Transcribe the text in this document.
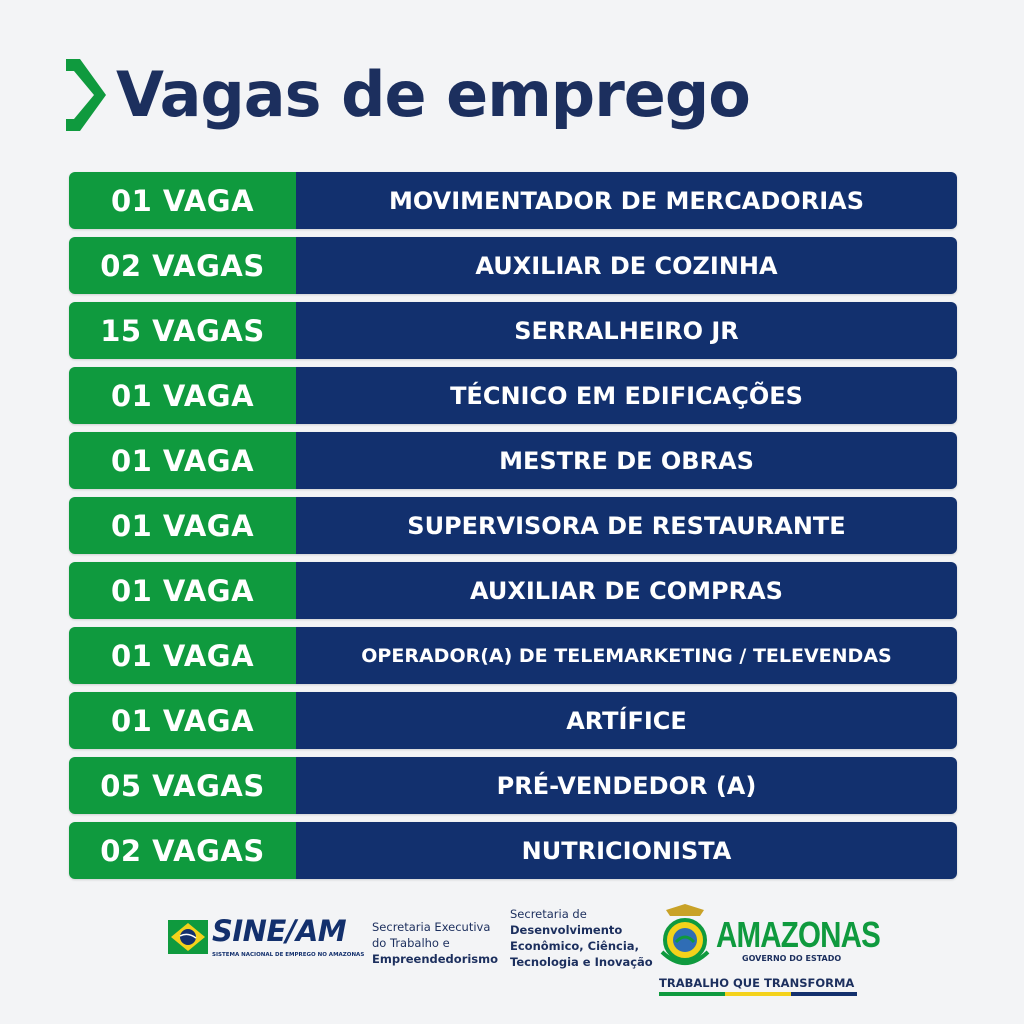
Vagas de emprego
01 VAGA	MOVIMENTADOR DE MERCADORIAS
02 VAGAS	AUXILIAR DE COZINHA
15 VAGAS	SERRALHEIRO JR
01 VAGA	TÉCNICO EM EDIFICAÇÕES
01 VAGA	MESTRE DE OBRAS
01 VAGA	SUPERVISORA DE RESTAURANTE
01 VAGA	AUXILIAR DE COMPRAS
01 VAGA	OPERADOR(A) DE TELEMARKETING / TELEVENDAS
01 VAGA	ARTÍFICE
05 VAGAS	PRÉ-VENDEDOR (A)
02 VAGAS	NUTRICIONISTA
SINE/AM
SISTEMA NACIONAL DE EMPREGO NO AMAZONAS
Secretaria Executiva
do Trabalho e
Empreendedorismo
Secretaria de
Desenvolvimento
Econômico, Ciência,
Tecnologia e Inovação
AMAZONAS
GOVERNO DO ESTADO
TRABALHO QUE TRANSFORMA
